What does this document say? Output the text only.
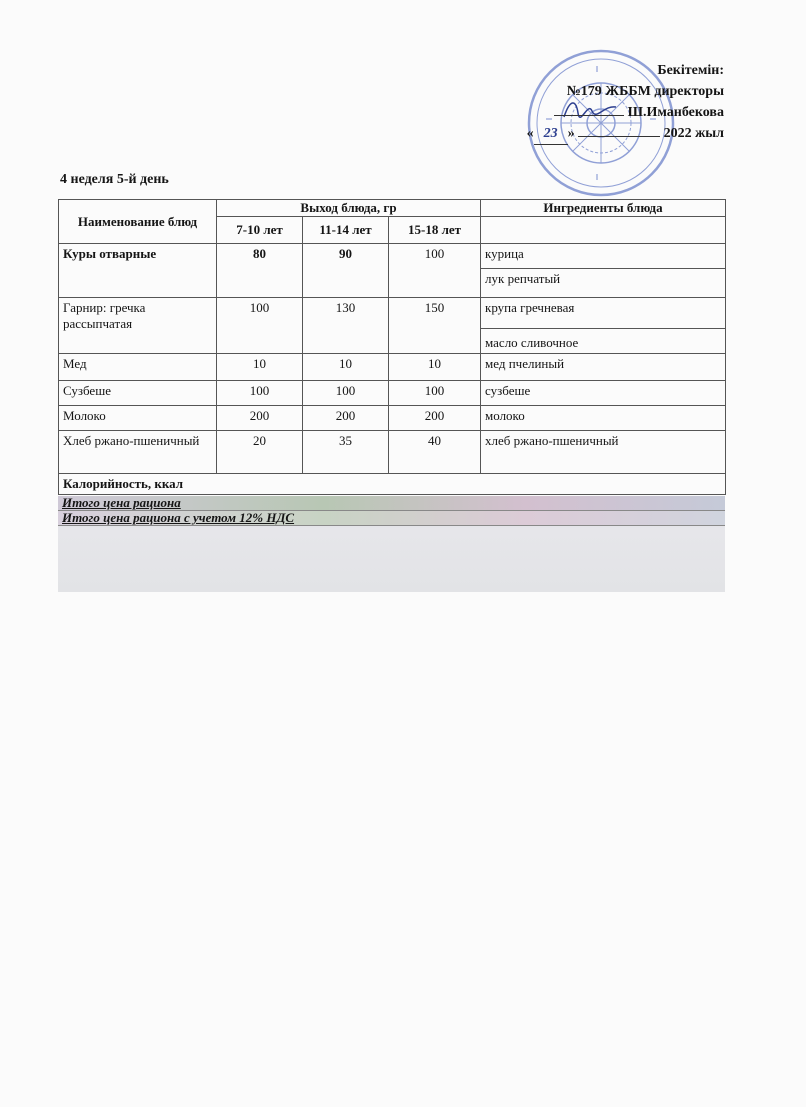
Бекітемін:
№179 ЖББМ директоры
Ш.Иманбекова
« 23 »	2022 жыл
4 неделя 5-й день
Наименование блюд	Выход блюда, гр			Ингредиенты блюда
	7-10 лет	11-14 лет	15-18 лет	
Куры отварные	80	90	100	курица
				лук репчатый
Гарнир: гречка рассыпчатая	100	130	150	крупа гречневая
				масло сливочное
Мед	10	10	10	мед пчелиный
Сузбеше	100	100	100	сузбеше
Молоко	200	200	200	молоко
Хлеб ржано-пшеничный	20	35	40	хлеб ржано-пшеничный
Калорийность, ккал				
Итого цена рациона
Итого цена рациона с учетом 12% НДС
